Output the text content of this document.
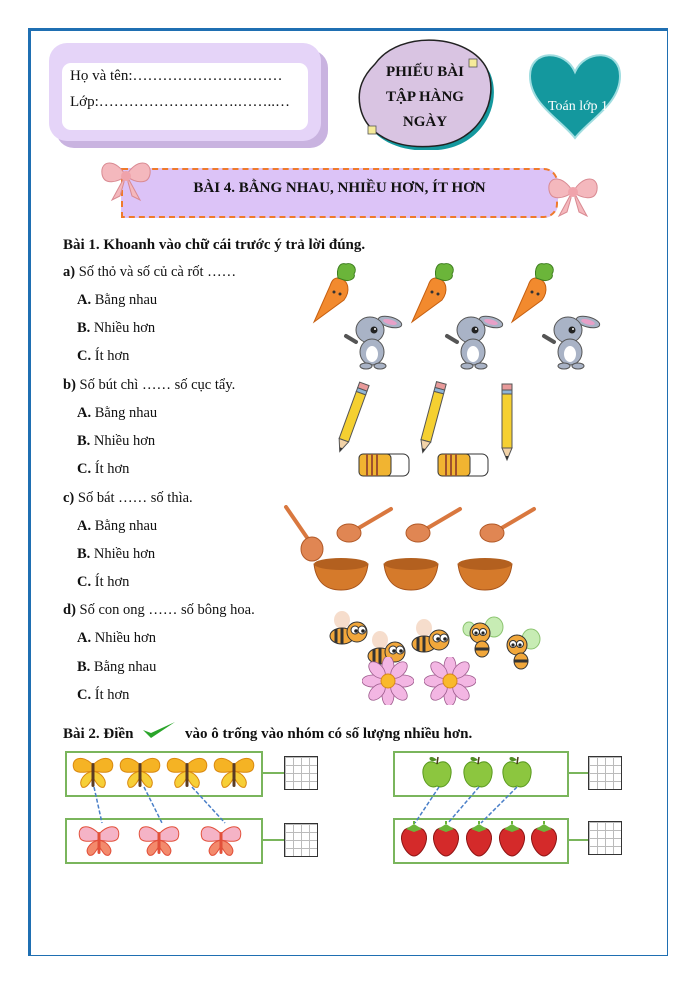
Họ và tên:…………………………
Lớp:……………………….……..…
PHIẾU BÀI
TẬP HÀNG
NGÀY
Toán lớp 1
BÀI 4. BẰNG NHAU, NHIỀU HƠN, ÍT HƠN
Bài 1. Khoanh vào chữ cái trước ý trả lời đúng.
a) Số thỏ và số củ cà rốt ……
A. Bằng nhau
B. Nhiều hơn
C. Ít hơn
b) Số bút chì …… số cục tẩy.
A. Bằng nhau
B. Nhiều hơn
C. Ít hơn
c) Số bát …… số thìa.
A. Bằng nhau
B. Nhiều hơn
C. Ít hơn
d) Số con ong …… số bông hoa.
A. Nhiều hơn
B. Bằng nhau
C. Ít hơn
Bài 2. Điền	vào ô trống vào nhóm có số lượng nhiều hơn.
